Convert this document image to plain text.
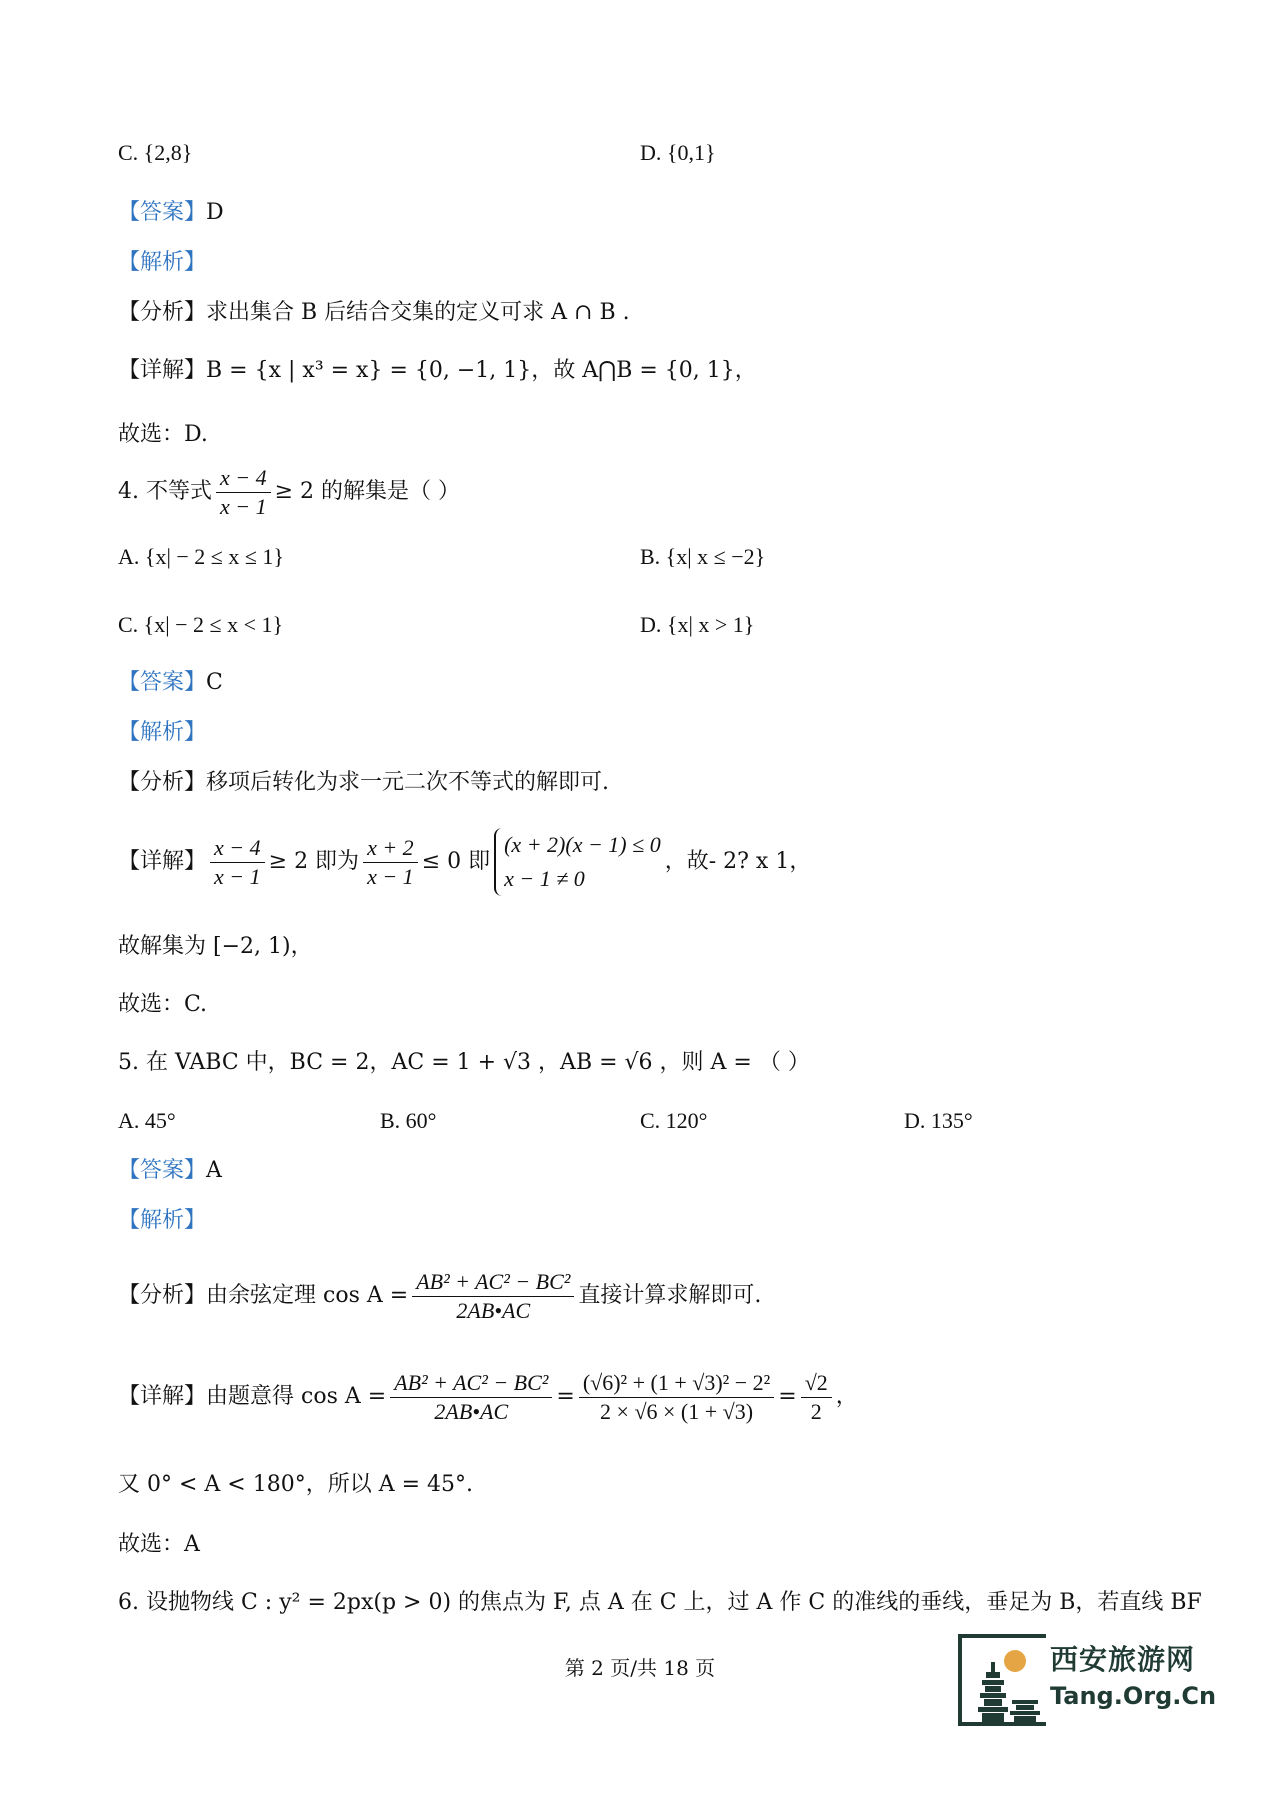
C. {2,8}	D. {0,1}
【答案】D
【解析】
【分析】求出集合 B 后结合交集的定义可求 A ∩ B .
【详解】B = {x | x³ = x} = {0, −1, 1}，故 A⋂B = {0, 1}，
故选：D.
4. 不等式 $\frac{x - 4}{x - 1} \ge 2$ 的解集是（ ）
A. {x| − 2 ≤ x ≤ 1}	B. {x| x ≤ −2}
C. {x| − 2 ≤ x < 1}	D. {x| x > 1}
【答案】C
【解析】
【分析】移项后转化为求一元二次不等式的解即可.
【详解】 $\frac{x - 4}{x - 1} \ge 2$ 即为 $\frac{x + 2}{x - 1} \le 0$ 即
(x + 2)(x − 1) ≤ 0
x − 1 ≠ 0
，故- 2? x 1，
故解集为 [−2, 1)，
故选：C.
5. 在 VABC 中，BC = 2，AC = 1 + √3 ，AB = √6 ，则 A = （ ）
A. 45°	B. 60°	C. 120°	D. 135°
【答案】A
【解析】
【分析】由余弦定理 $\cos A = \frac{\text{AB² + AC² − BC²}}{2AB•AC}$ 直接计算求解即可.
【详解】由题意得 $\cos A = \frac{\text{AB² + AC² − BC²}}{2AB•AC} = \frac{\text{(√6)² + (1 + √3)² − 2²}}{2 \times √6 \times (1 + √3)} = \frac{√2}{2}$ ，
又 0° < A < 180°，所以 A = 45°.
故选：A
6. 设抛物线 C : y² = 2px(p > 0) 的焦点为 F, 点 A 在 C 上，过 A 作 C 的准线的垂线，垂足为 B，若直线 BF
第 2 页/共 18 页	西安旅游网
Tang.Org.Cn
